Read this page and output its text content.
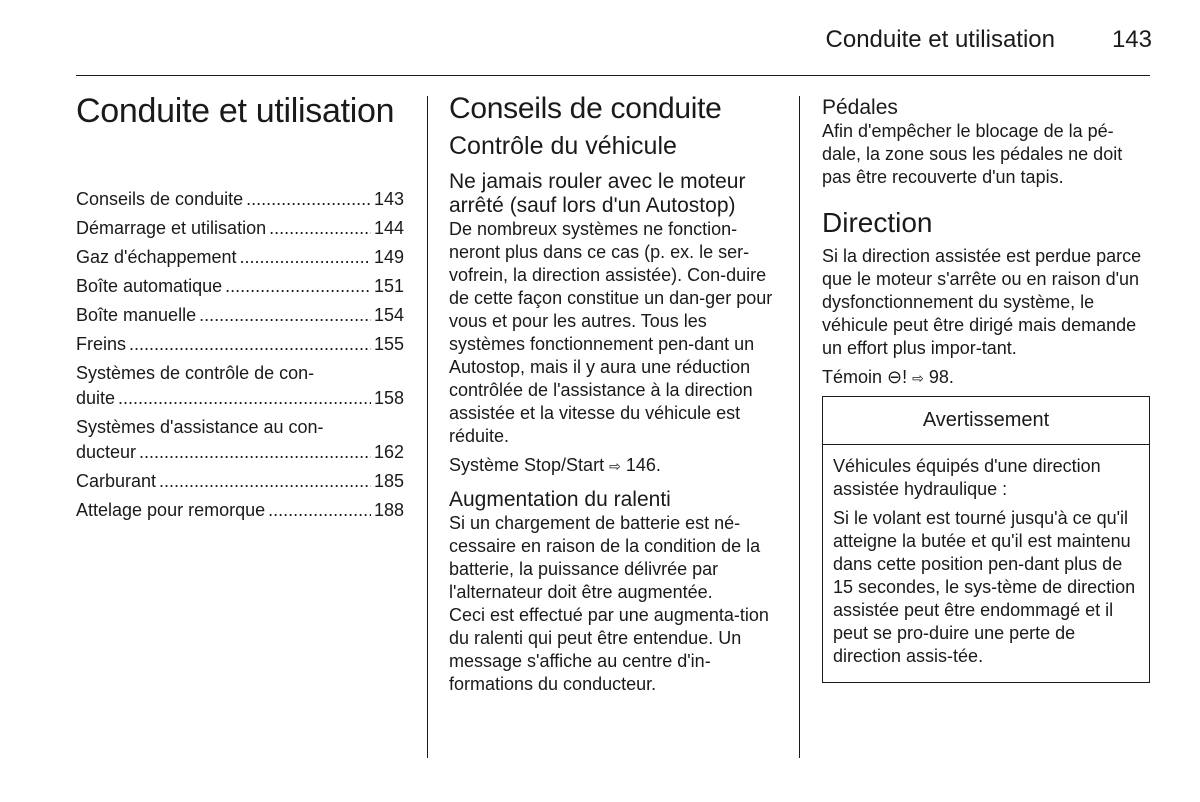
Conduite et utilisation 143
Conduite et utilisation
Conseils de conduite .....	143
Démarrage et utilisation .....	144
Gaz d'échappement .....	149
Boîte automatique .....	151
Boîte manuelle .....	154
Freins .....	155
Systèmes de contrôle de con-
duite .....	158
Systèmes d'assistance au con-
ducteur .....	162
Carburant .....	185
Attelage pour remorque .....	188
Conseils de conduite
Contrôle du véhicule
Ne jamais rouler avec le moteur arrêté (sauf lors d'un Autostop)

De nombreux systèmes ne fonction-neront plus dans ce cas (p. ex. le ser-vofrein, la direction assistée). Con-duire de cette façon constitue un dan-ger pour vous et pour les autres. Tous les systèmes fonctionnement pen-dant un Autostop, mais il y aura une réduction contrôlée de l'assistance à la direction assistée et la vitesse du véhicule est réduite.

Système Stop/Start ⇨ 146.

Augmentation du ralenti

Si un chargement de batterie est né-cessaire en raison de la condition de la batterie, la puissance délivrée par l'alternateur doit être augmentée.

Ceci est effectué par une augmenta-tion du ralenti qui peut être entendue. Un message s'affiche au centre d'in-formations du conducteur.

Pédales

Afin d'empêcher le blocage de la pé-dale, la zone sous les pédales ne doit pas être recouverte d'un tapis.

Direction

Si la direction assistée est perdue parce que le moteur s'arrête ou en raison d'un dysfonctionnement du système, le véhicule peut être dirigé mais demande un effort plus impor-tant.

Témoin ⊖! ⇨ 98.

Avertissement

Véhicules équipés d'une direction assistée hydraulique :

Si le volant est tourné jusqu'à ce qu'il atteigne la butée et qu'il est maintenu dans cette position pen-dant plus de 15 secondes, le sys-tème de direction assistée peut être endommagé et il peut se pro-duire une perte de direction assis-tée.
